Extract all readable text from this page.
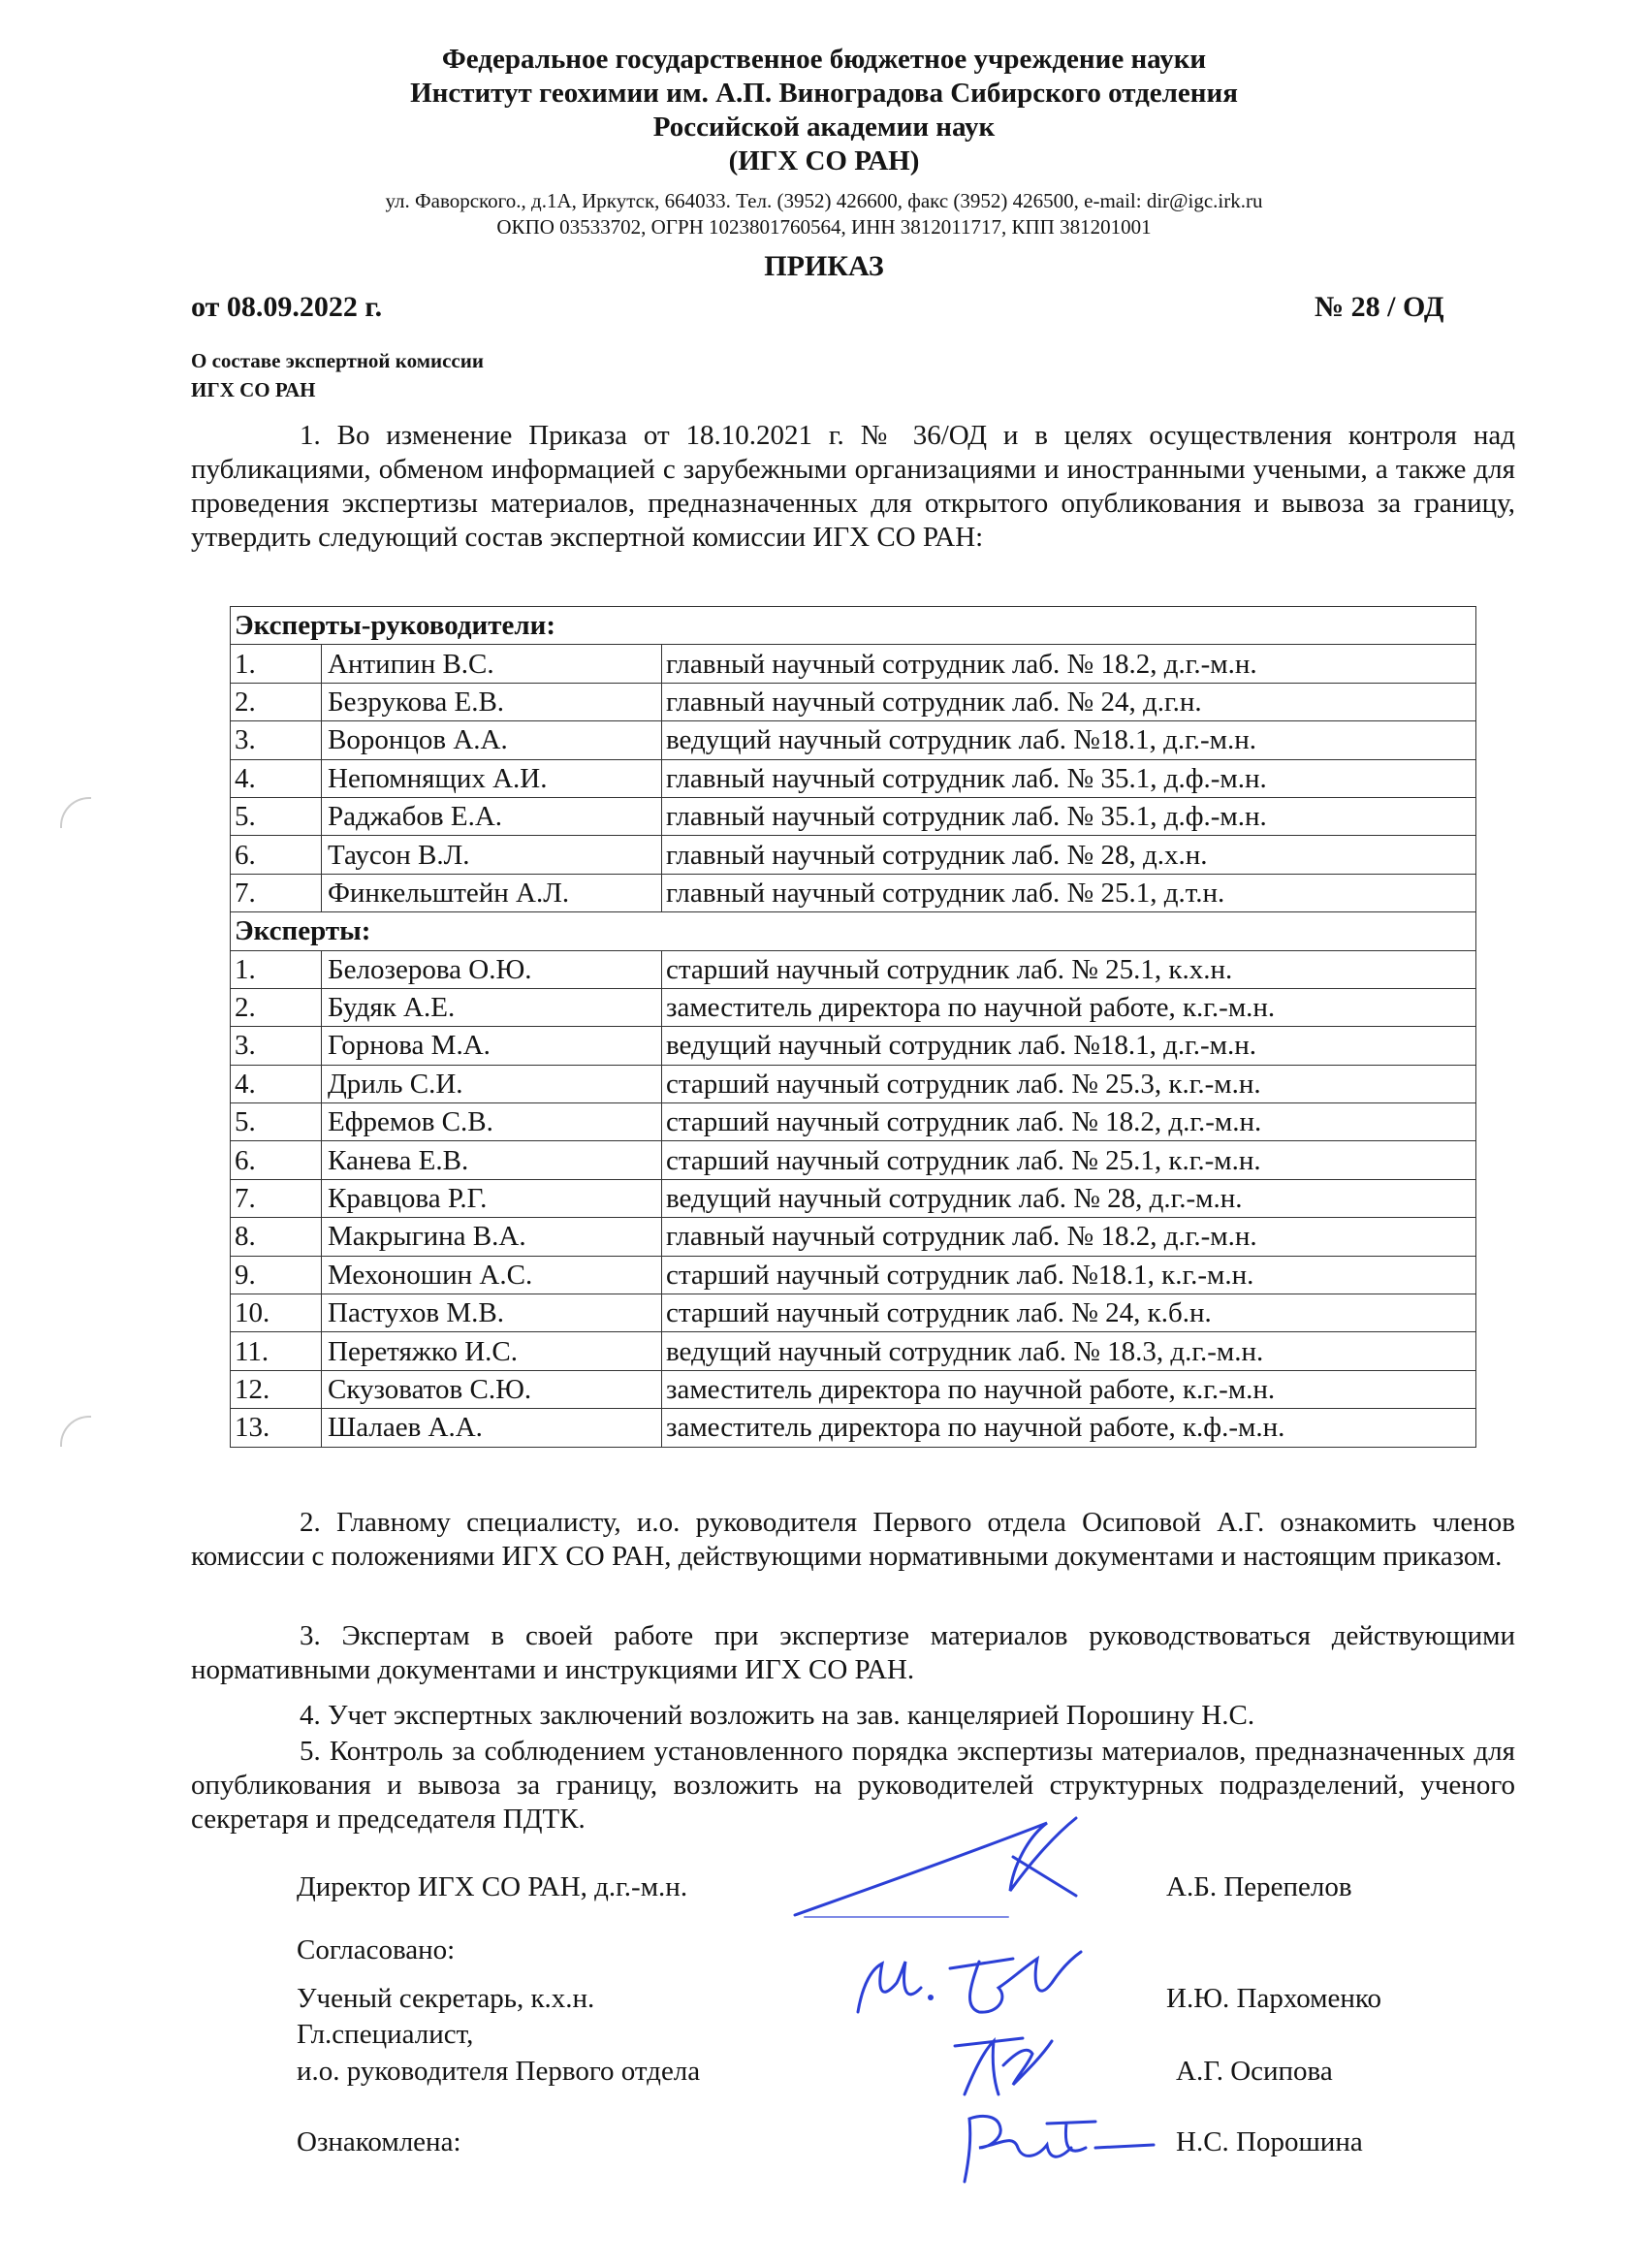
Федеральное государственное бюджетное учреждение науки
Институт геохимии им. А.П. Виноградова Сибирского отделения
Российской академии наук
(ИГХ СО РАН)
ул. Фаворского., д.1А, Иркутск, 664033. Тел. (3952) 426600, факс (3952) 426500, e-mail: dir@igc.irk.ru
ОКПО 03533702, ОГРН 1023801760564, ИНН 3812011717, КПП 381201001
ПРИКАЗ
от 08.09.2022 г.	№ 28 / ОД
О составе экспертной комиссии
ИГХ СО РАН

1. Во изменение Приказа от 18.10.2021 г. № 36/ОД и в целях осуществления контроля над публикациями, обменом информацией с зарубежными организациями и иностранными учеными, а также для проведения экспертизы материалов, предназначенных для открытого опубликования и вывоза за границу, утвердить следующий состав экспертной комиссии ИГХ СО РАН:

Эксперты-руководители:		
1.	Антипин В.С.	главный научный сотрудник лаб. № 18.2, д.г.-м.н.
2.	Безрукова Е.В.	главный научный сотрудник лаб. № 24, д.г.н.
3.	Воронцов А.А.	ведущий научный сотрудник лаб. №18.1, д.г.-м.н.
4.	Непомнящих А.И.	главный научный сотрудник лаб. № 35.1, д.ф.-м.н.
5.	Раджабов Е.А.	главный научный сотрудник лаб. № 35.1, д.ф.-м.н.
6.	Таусон В.Л.	главный научный сотрудник лаб. № 28, д.х.н.
7.	Финкельштейн А.Л.	главный научный сотрудник лаб. № 25.1, д.т.н.
Эксперты:		
1.	Белозерова О.Ю.	старший научный сотрудник лаб. № 25.1, к.х.н.
2.	Будяк А.Е.	заместитель директора по научной работе, к.г.-м.н.
3.	Горнова М.А.	ведущий научный сотрудник лаб. №18.1, д.г.-м.н.
4.	Дриль С.И.	старший научный сотрудник лаб. № 25.3, к.г.-м.н.
5.	Ефремов С.В.	старший научный сотрудник лаб. № 18.2, д.г.-м.н.
6.	Канева Е.В.	старший научный сотрудник лаб. № 25.1, к.г.-м.н.
7.	Кравцова Р.Г.	ведущий научный сотрудник лаб. № 28, д.г.-м.н.
8.	Макрыгина В.А.	главный научный сотрудник лаб. № 18.2, д.г.-м.н.
9.	Мехоношин А.С.	старший научный сотрудник лаб. №18.1, к.г.-м.н.
10.	Пастухов М.В.	старший научный сотрудник лаб. № 24, к.б.н.
11.	Перетяжко И.С.	ведущий научный сотрудник лаб. № 18.3, д.г.-м.н.
12.	Скузоватов С.Ю.	заместитель директора по научной работе, к.г.-м.н.
13.	Шалаев А.А.	заместитель директора по научной работе, к.ф.-м.н.

2. Главному специалисту, и.о. руководителя Первого отдела Осиповой А.Г. ознакомить членов комиссии с положениями ИГХ СО РАН, действующими нормативными документами и настоящим приказом.

3. Экспертам в своей работе при экспертизе материалов руководствоваться действующими нормативными документами и инструкциями ИГХ СО РАН.

4. Учет экспертных заключений возложить на зав. канцелярией Порошину Н.С.

5. Контроль за соблюдением установленного порядка экспертизы материалов, предназначенных для опубликования и вывоза за границу, возложить на руководителей структурных подразделений, ученого секретаря и председателя ПДТК.

Директор ИГХ СО РАН, д.г.-м.н.	А.Б. Перепелов
Согласовано:
Ученый секретарь, к.х.н.	И.Ю. Пархоменко
Гл.специалист,
и.о. руководителя Первого отдела	А.Г. Осипова
Ознакомлена:	Н.С. Порошина
